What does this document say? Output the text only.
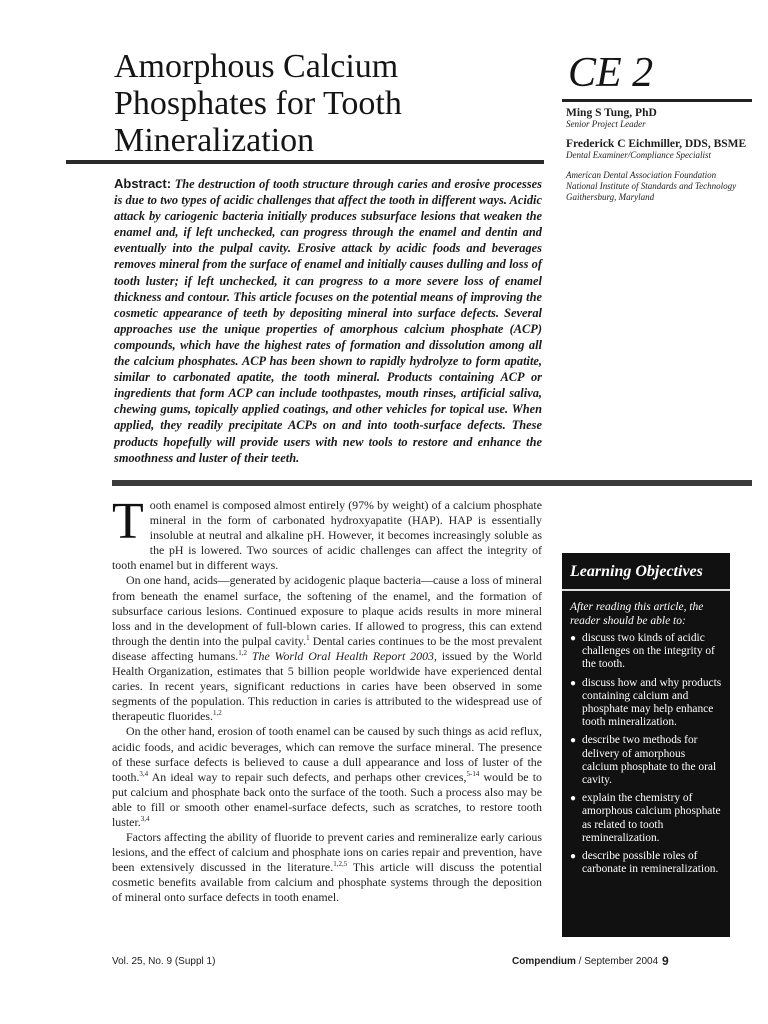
Amorphous Calcium
Phosphates for Tooth
Mineralization
CE 2
Ming S Tung, PhD
Senior Project Leader
Frederick C Eichmiller, DDS, BSME
Dental Examiner/Compliance Specialist
American Dental Association Foundation
National Institute of Standards and Technology
Gaithersburg, Maryland
Abstract: The destruction of tooth structure through caries and erosive processes is due to two types of acidic challenges that affect the tooth in different ways. Acidic attack by cariogenic bacteria initially produces subsurface lesions that weaken the enamel and, if left unchecked, can progress through the enamel and dentin and eventually into the pulpal cavity. Erosive attack by acidic foods and beverages removes mineral from the surface of enamel and initially causes dulling and loss of tooth luster; if left unchecked, it can progress to a more severe loss of enamel thickness and contour. This article focuses on the potential means of improving the cosmetic appearance of teeth by depositing mineral into surface defects. Several approaches use the unique properties of amorphous calcium phosphate (ACP) compounds, which have the highest rates of formation and dissolution among all the calcium phosphates. ACP has been shown to rapidly hydrolyze to form apatite, similar to carbonated apatite, the tooth mineral. Products containing ACP or ingredients that form ACP can include toothpastes, mouth rinses, artificial saliva, chewing gums, topically applied coatings, and other vehicles for topical use. When applied, they readily precipitate ACPs on and into tooth-surface defects. These products hopefully will provide users with new tools to restore and enhance the smoothness and luster of their teeth.

Tooth enamel is composed almost entirely (97% by weight) of a calcium phosphate mineral in the form of carbonated hydroxyapatite (HAP). HAP is essentially insoluble at neutral and alkaline pH. However, it becomes increasingly soluble as the pH is lowered. Two sources of acidic challenges can affect the integrity of tooth enamel but in different ways.

On one hand, acids—generated by acidogenic plaque bacteria—cause a loss of mineral from beneath the enamel surface, the softening of the enamel, and the formation of subsurface carious lesions. Continued exposure to plaque acids results in more mineral loss and in the development of full-blown caries. If allowed to progress, this can extend through the dentin into the pulpal cavity.$^1$ Dental caries continues to be the most prevalent disease affecting humans.$^{1,2}$ The World Oral Health Report 2003, issued by the World Health Organization, estimates that 5 billion people worldwide have experienced dental caries. In recent years, significant reductions in caries have been observed in some segments of the population. This reduction in caries is attributed to the widespread use of therapeutic fluorides.$^{1,2}$

On the other hand, erosion of tooth enamel can be caused by such things as acid reflux, acidic foods, and acidic beverages, which can remove the surface mineral. The presence of these surface defects is believed to cause a dull appearance and loss of luster of the tooth.$^{3,4}$ An ideal way to repair such defects, and perhaps other crevices,$^{5-14}$ would be to put calcium and phosphate back onto the surface of the tooth. Such a process also may be able to fill or smooth other enamel-surface defects, such as scratches, to restore tooth luster.$^{3,4}$

Factors affecting the ability of fluoride to prevent caries and remineralize early carious lesions, and the effect of calcium and phosphate ions on caries repair and prevention, have been extensively discussed in the literature.$^{1,2,5}$ This article will discuss the potential cosmetic benefits available from calcium and phosphate systems through the deposition of mineral onto surface defects in tooth enamel.

Learning Objectives
After reading this article, the reader should be able to:
● discuss two kinds of acidic challenges on the integrity of the tooth.
● discuss how and why products containing calcium and phosphate may help enhance tooth mineralization.
● describe two methods for delivery of amorphous calcium phosphate to the oral cavity.
● explain the chemistry of amorphous calcium phosphate as related to tooth remineralization.
● describe possible roles of carbonate in remineralization.
Vol. 25, No. 9 (Suppl 1)	Compendium / September 2004 9
